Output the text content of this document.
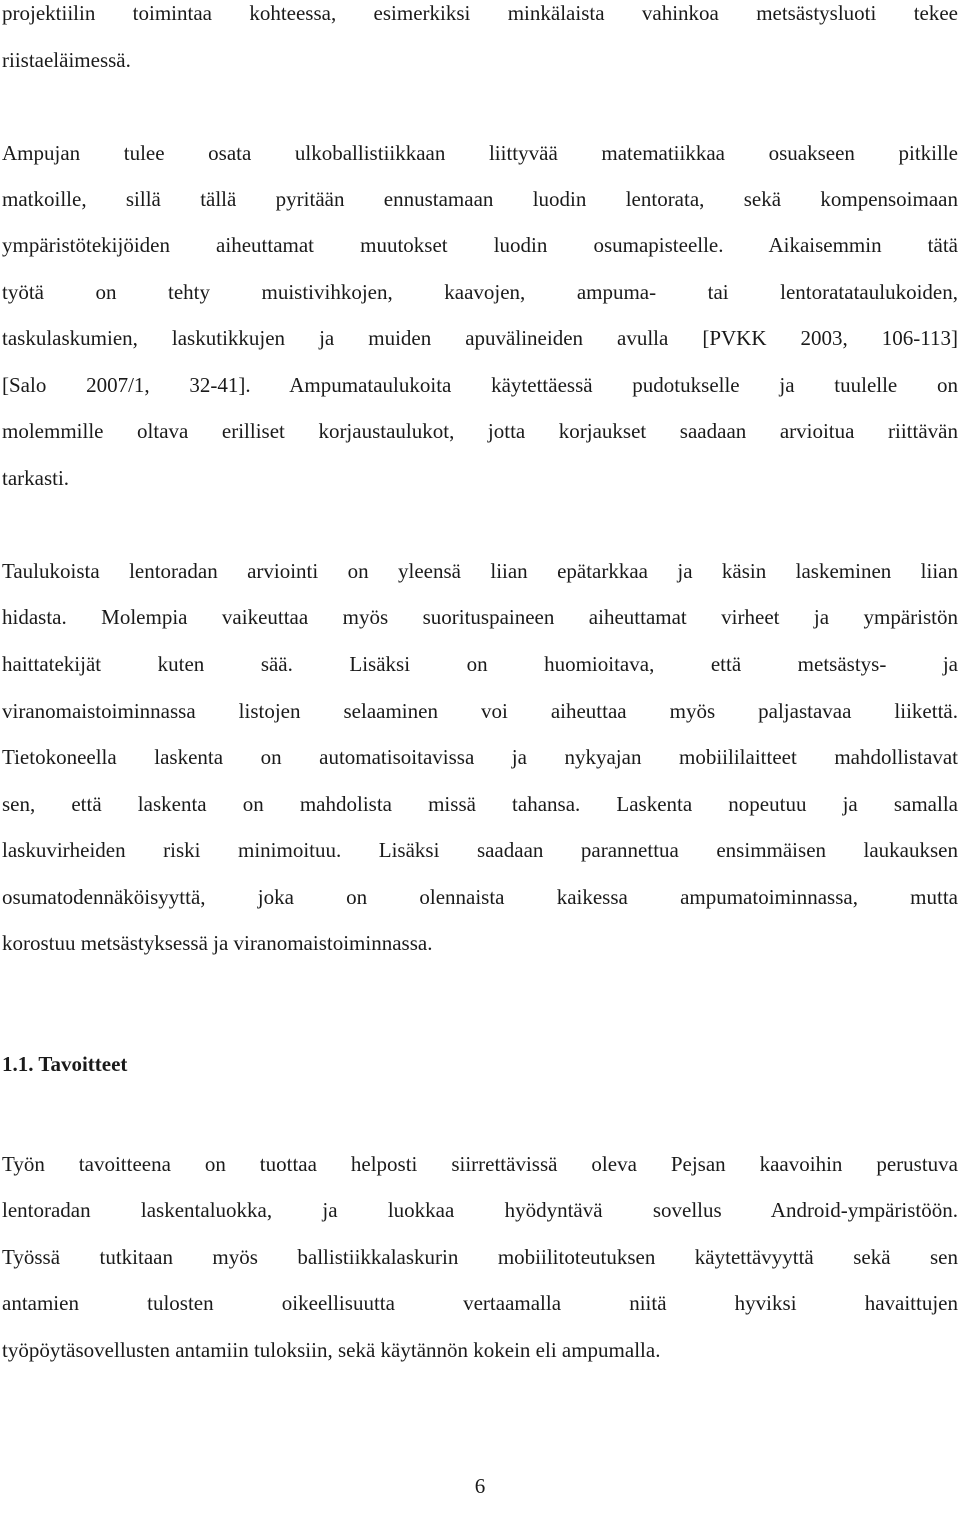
projektiilin toimintaa kohteessa, esimerkiksi minkälaista vahinkoa metsästysluoti tekee
riistaeläimessä.
Ampujan tulee osata ulkoballistiikkaan liittyvää matematiikkaa osuakseen pitkille
matkoille, sillä tällä pyritään ennustamaan luodin lentorata, sekä kompensoimaan
ympäristötekijöiden aiheuttamat muutokset luodin osumapisteelle. Aikaisemmin tätä
työtä on tehty muistivihkojen, kaavojen, ampuma- tai lentoratataulukoiden,
taskulaskumien, laskutikkujen ja muiden apuvälineiden avulla [PVKK 2003, 106-113]
[Salo 2007/1, 32-41]. Ampumataulukoita käytettäessä pudotukselle ja tuulelle on
molemmille oltava erilliset korjaustaulukot, jotta korjaukset saadaan arvioitua riittävän
tarkasti.
Taulukoista lentoradan arviointi on yleensä liian epätarkkaa ja käsin laskeminen liian
hidasta. Molempia vaikeuttaa myös suorituspaineen aiheuttamat virheet ja ympäristön
haittatekijät kuten sää. Lisäksi on huomioitava, että metsästys- ja
viranomaistoiminnassa listojen selaaminen voi aiheuttaa myös paljastavaa liikettä.
Tietokoneella laskenta on automatisoitavissa ja nykyajan mobiililaitteet mahdollistavat
sen, että laskenta on mahdolista missä tahansa. Laskenta nopeutuu ja samalla
laskuvirheiden riski minimoituu. Lisäksi saadaan parannettua ensimmäisen laukauksen
osumatodennäköisyyttä, joka on olennaista kaikessa ampumatoiminnassa, mutta
korostuu metsästyksessä ja viranomaistoiminnassa.
1.1. Tavoitteet
Työn tavoitteena on tuottaa helposti siirrettävissä oleva Pejsan kaavoihin perustuva
lentoradan laskentaluokka, ja luokkaa hyödyntävä sovellus Android-ympäristöön.
Työssä tutkitaan myös ballistiikkalaskurin mobiilitoteutuksen käytettävyyttä sekä sen
antamien tulosten oikeellisuutta vertaamalla niitä hyviksi havaittujen
työpöytäsovellusten antamiin tuloksiin, sekä käytännön kokein eli ampumalla.
6
